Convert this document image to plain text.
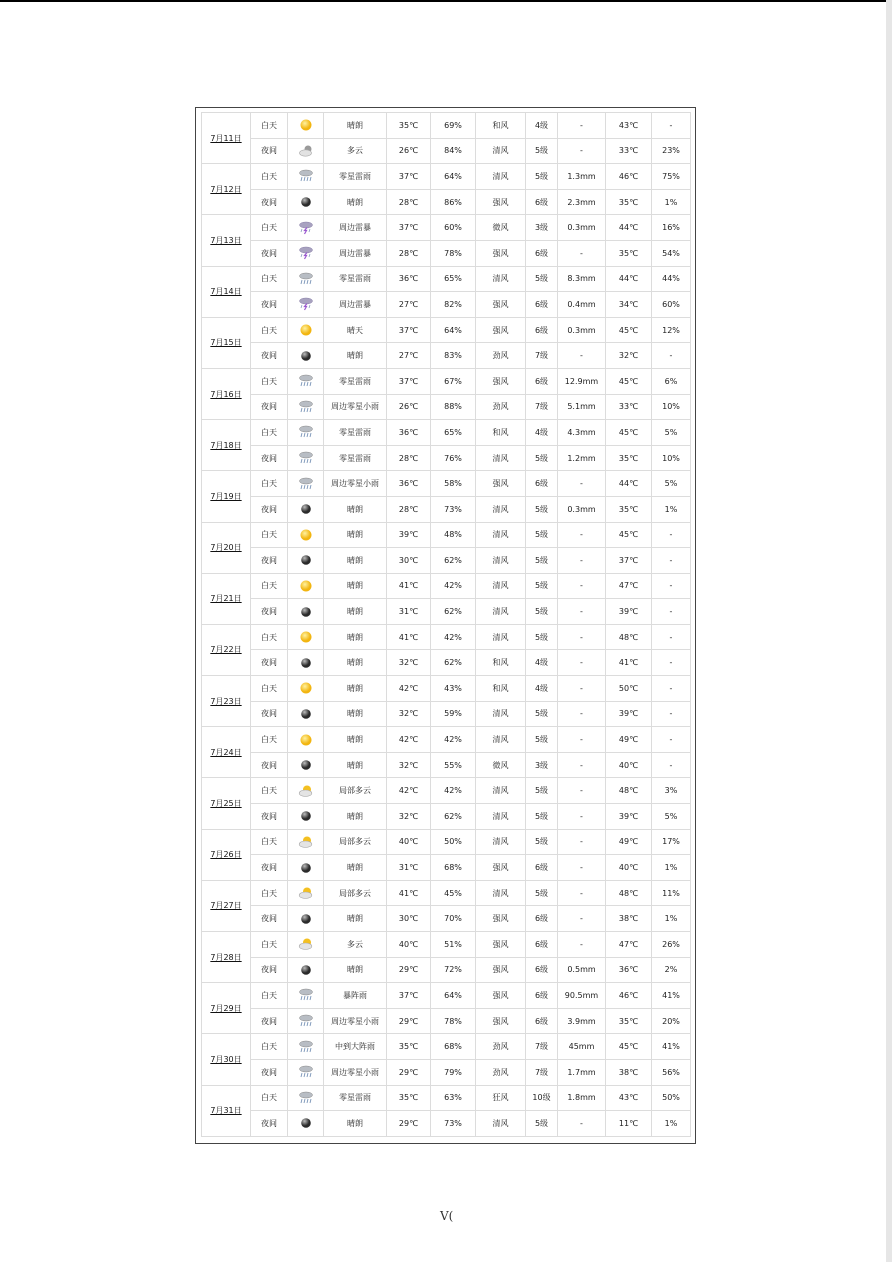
7月11日	白天		晴朗	35℃	69%	和风	4级	-	43℃	-
	夜间		多云	26℃	84%	清风	5级	-	33℃	23%
7月12日	白天		零星雷雨	37℃	64%	清风	5级	1.3mm	46℃	75%
	夜间		晴朗	28℃	86%	强风	6级	2.3mm	35℃	1%
7月13日	白天		周边雷暴	37℃	60%	微风	3级	0.3mm	44℃	16%
	夜间		周边雷暴	28℃	78%	强风	6级	-	35℃	54%
7月14日	白天		零星雷雨	36℃	65%	清风	5级	8.3mm	44℃	44%
	夜间		周边雷暴	27℃	82%	强风	6级	0.4mm	34℃	60%
7月15日	白天		晴天	37℃	64%	强风	6级	0.3mm	45℃	12%
	夜间		晴朗	27℃	83%	劲风	7级	-	32℃	-
7月16日	白天		零星雷雨	37℃	67%	强风	6级	12.9mm	45℃	6%
	夜间		周边零星小雨	26℃	88%	劲风	7级	5.1mm	33℃	10%
7月18日	白天		零星雷雨	36℃	65%	和风	4级	4.3mm	45℃	5%
	夜间		零星雷雨	28℃	76%	清风	5级	1.2mm	35℃	10%
7月19日	白天		周边零星小雨	36℃	58%	强风	6级	-	44℃	5%
	夜间		晴朗	28℃	73%	清风	5级	0.3mm	35℃	1%
7月20日	白天		晴朗	39℃	48%	清风	5级	-	45℃	-
	夜间		晴朗	30℃	62%	清风	5级	-	37℃	-
7月21日	白天		晴朗	41℃	42%	清风	5级	-	47℃	-
	夜间		晴朗	31℃	62%	清风	5级	-	39℃	-
7月22日	白天		晴朗	41℃	42%	清风	5级	-	48℃	-
	夜间		晴朗	32℃	62%	和风	4级	-	41℃	-
7月23日	白天		晴朗	42℃	43%	和风	4级	-	50℃	-
	夜间		晴朗	32℃	59%	清风	5级	-	39℃	-
7月24日	白天		晴朗	42℃	42%	清风	5级	-	49℃	-
	夜间		晴朗	32℃	55%	微风	3级	-	40℃	-
7月25日	白天		局部多云	42℃	42%	清风	5级	-	48℃	3%
	夜间		晴朗	32℃	62%	清风	5级	-	39℃	5%
7月26日	白天		局部多云	40℃	50%	清风	5级	-	49℃	17%
	夜间		晴朗	31℃	68%	强风	6级	-	40℃	1%
7月27日	白天		局部多云	41℃	45%	清风	5级	-	48℃	11%
	夜间		晴朗	30℃	70%	强风	6级	-	38℃	1%
7月28日	白天		多云	40℃	51%	强风	6级	-	47℃	26%
	夜间		晴朗	29℃	72%	强风	6级	0.5mm	36℃	2%
7月29日	白天		暴阵雨	37℃	64%	强风	6级	90.5mm	46℃	41%
	夜间		周边零星小雨	29℃	78%	强风	6级	3.9mm	35℃	20%
7月30日	白天		中到大阵雨	35℃	68%	劲风	7级	45mm	45℃	41%
	夜间		周边零星小雨	29℃	79%	劲风	7级	1.7mm	38℃	56%
7月31日	白天		零星雷雨	35℃	63%	狂风	10级	1.8mm	43℃	50%
	夜间		晴朗	29℃	73%	清风	5级	-	11℃	1%
V(
